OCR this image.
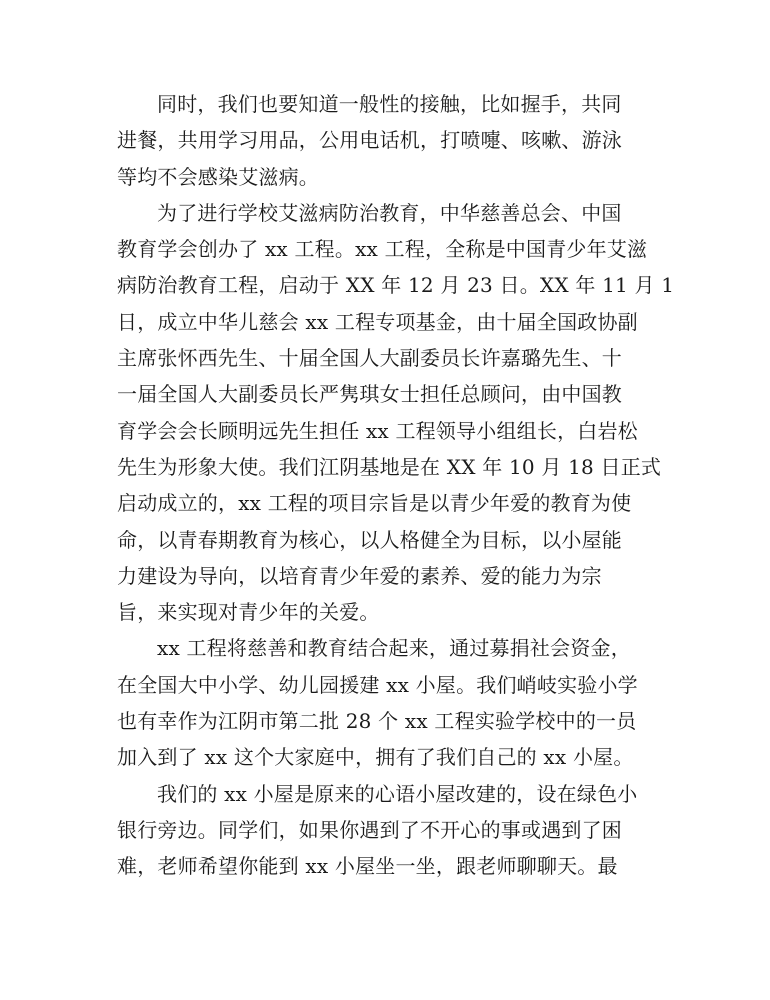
同时，我们也要知道一般性的接触，比如握手，共同
进餐，共用学习用品，公用电话机，打喷嚏、咳嗽、游泳
等均不会感染艾滋病。
为了进行学校艾滋病防治教育，中华慈善总会、中国
教育学会创办了 xx 工程。xx 工程，全称是中国青少年艾滋
病防治教育工程，启动于 XX 年 12 月 23 日。XX 年 11 月 1
日，成立中华儿慈会 xx 工程专项基金，由十届全国政协副
主席张怀西先生、十届全国人大副委员长许嘉璐先生、十
一届全国人大副委员长严隽琪女士担任总顾问，由中国教
育学会会长顾明远先生担任 xx 工程领导小组组长，白岩松
先生为形象大使。我们江阴基地是在 XX 年 10 月 18 日正式
启动成立的，xx 工程的项目宗旨是以青少年爱的教育为使
命，以青春期教育为核心，以人格健全为目标，以小屋能
力建设为导向，以培育青少年爱的素养、爱的能力为宗
旨，来实现对青少年的关爱。
xx 工程将慈善和教育结合起来，通过募捐社会资金，
在全国大中小学、幼儿园援建 xx 小屋。我们峭岐实验小学
也有幸作为江阴市第二批 28 个 xx 工程实验学校中的一员
加入到了 xx 这个大家庭中，拥有了我们自己的 xx 小屋。
我们的 xx 小屋是原来的心语小屋改建的，设在绿色小
银行旁边。同学们，如果你遇到了不开心的事或遇到了困
难，老师希望你能到 xx 小屋坐一坐，跟老师聊聊天。最
